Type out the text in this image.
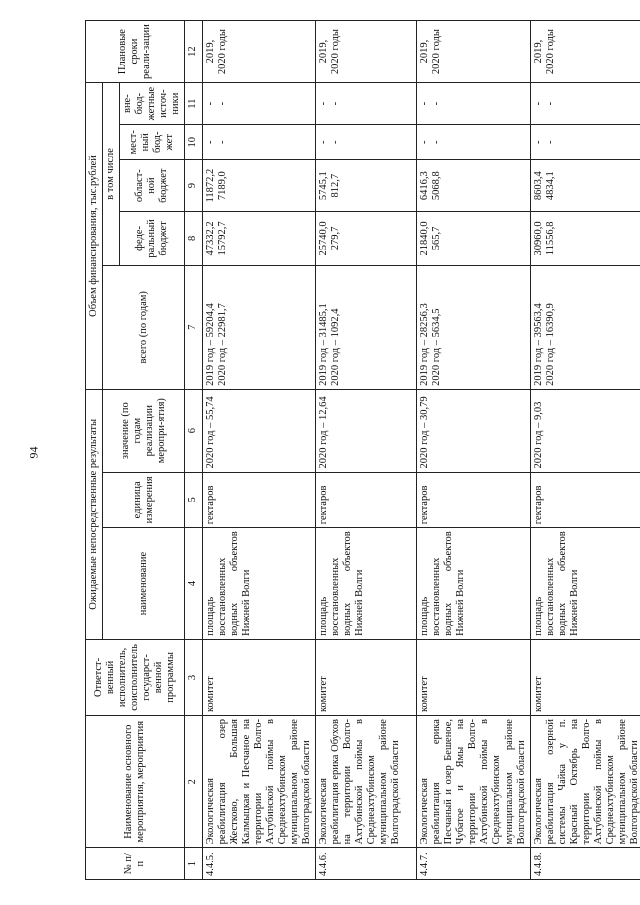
94
№ п/п	Наименование основного мероприятия, мероприятия	Ответст-венный исполнитель, соисполнитель государст-венной программы	Ожидаемые непосредственные результаты			Объем финансирования, тыс.рублей					Плановые сроки реали-зации
			наименование	единица измерения	значение (по годам реализации меропри-ятия)	всего (по годам)	в том числе				
							феде-ральный бюджет	област-ной бюджет	мест-ный бюд-жет	вне-бюд-жетные источ-ники	
1	2	3	4	5	6	7	8	9	10	11	12
4.4.5.	Экологическая реабилитация озер Жестково, Большая Калмыцкая и Песчаное на территории Волго-Ахтубинской поймы в Среднеахтубинском муниципальном районе Волгоградской области	комитет	площадь восстановленных водных объектов Нижней Волги	гектаров	2020 год – 55,74	2019 год – 59204,4 2020 год – 22981,7	47332,2 15792,7	11872,2 7189,0	- -	- -	2019, 2020 годы

4.4.6.	Экологическая реабилитация ерика Обухов на территории Волго-Ахтубинской поймы в Среднеахтубинском муниципальном районе Волгоградской области	комитет	площадь восстановленных водных объектов Нижней Волги	гектаров	2020 год – 12,64	2019 год – 31485,1 2020 год – 1092,4	25740,0 279,7	5745,1 812,7	- -	- -	2019, 2020 годы

4.4.7.	Экологическая реабилитация ерика Песчаный и озер Бешеное, Чубатое и Ямы на территории Волго-Ахтубинской поймы в Среднеахтубинском муниципальном районе Волгоградской области	комитет	площадь восстановленных водных объектов Нижней Волги	гектаров	2020 год – 30,79	2019 год – 28256,3 2020 год – 5634,5	21840,0 565,7	6416,3 5068,8	- -	- -	2019, 2020 годы

4.4.8.	Экологическая реабилитация озерной системы Чайка у п. Красный Октябрь на территории Волго-Ахтубинской поймы в Среднеахтубинском муниципальном районе Волгоградской области	комитет	площадь восстановленных водных объектов Нижней Волги	гектаров	2020 год – 9,03	2019 год – 39563,4 2020 год – 16390,9	30960,0 11556,8	8603,4 4834,1	- -	- -	2019, 2020 годы
